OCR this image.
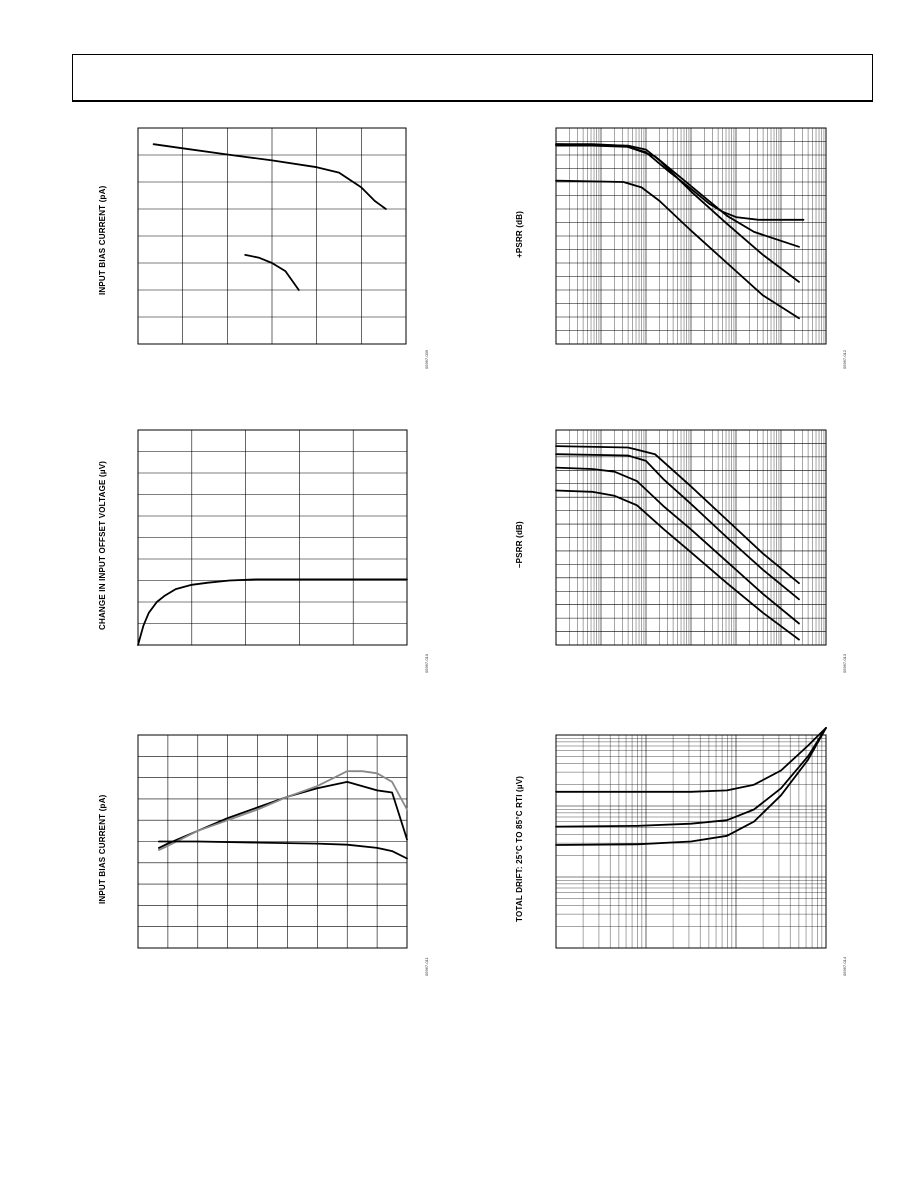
INPUT BIAS CURRENT (pA)
05967-009
+PSRR (dB)
05967-012
CHANGE IN INPUT OFFSET VOLTAGE (µV)
05967-010
–PSRR (dB)
05967-013
INPUT BIAS CURRENT (pA)
05967-011
TOTAL DRIFT: 25°C TO 85°C RTI (µV)
05967-014
